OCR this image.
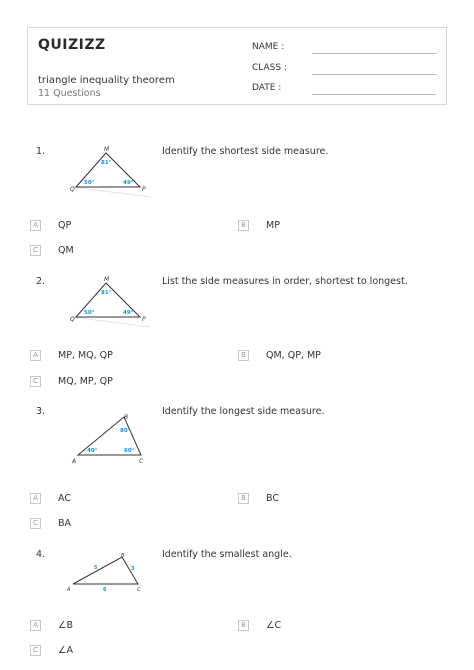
QUIZIZZ
triangle inequality theorem
11 Questions
NAME :
CLASS :
DATE :
1.	Identify the shortest side measure.
M
Q	P
81°
50°	49°
A	QP	B	MP
C	QM
2.	List the side measures in order, shortest to longest.
M
Q	P
81°
50°	49°
A	MP, MQ, QP	B	QM, QP, MP
C	MQ, MP, QP
3.	Identify the longest side measure.
B
A	C
80°
40°	60°
A	AC	B	BC
C	BA
4.	Identify the smallest angle.
B
A	C
5	3
6
A	∠B	B	∠C
C	∠A
